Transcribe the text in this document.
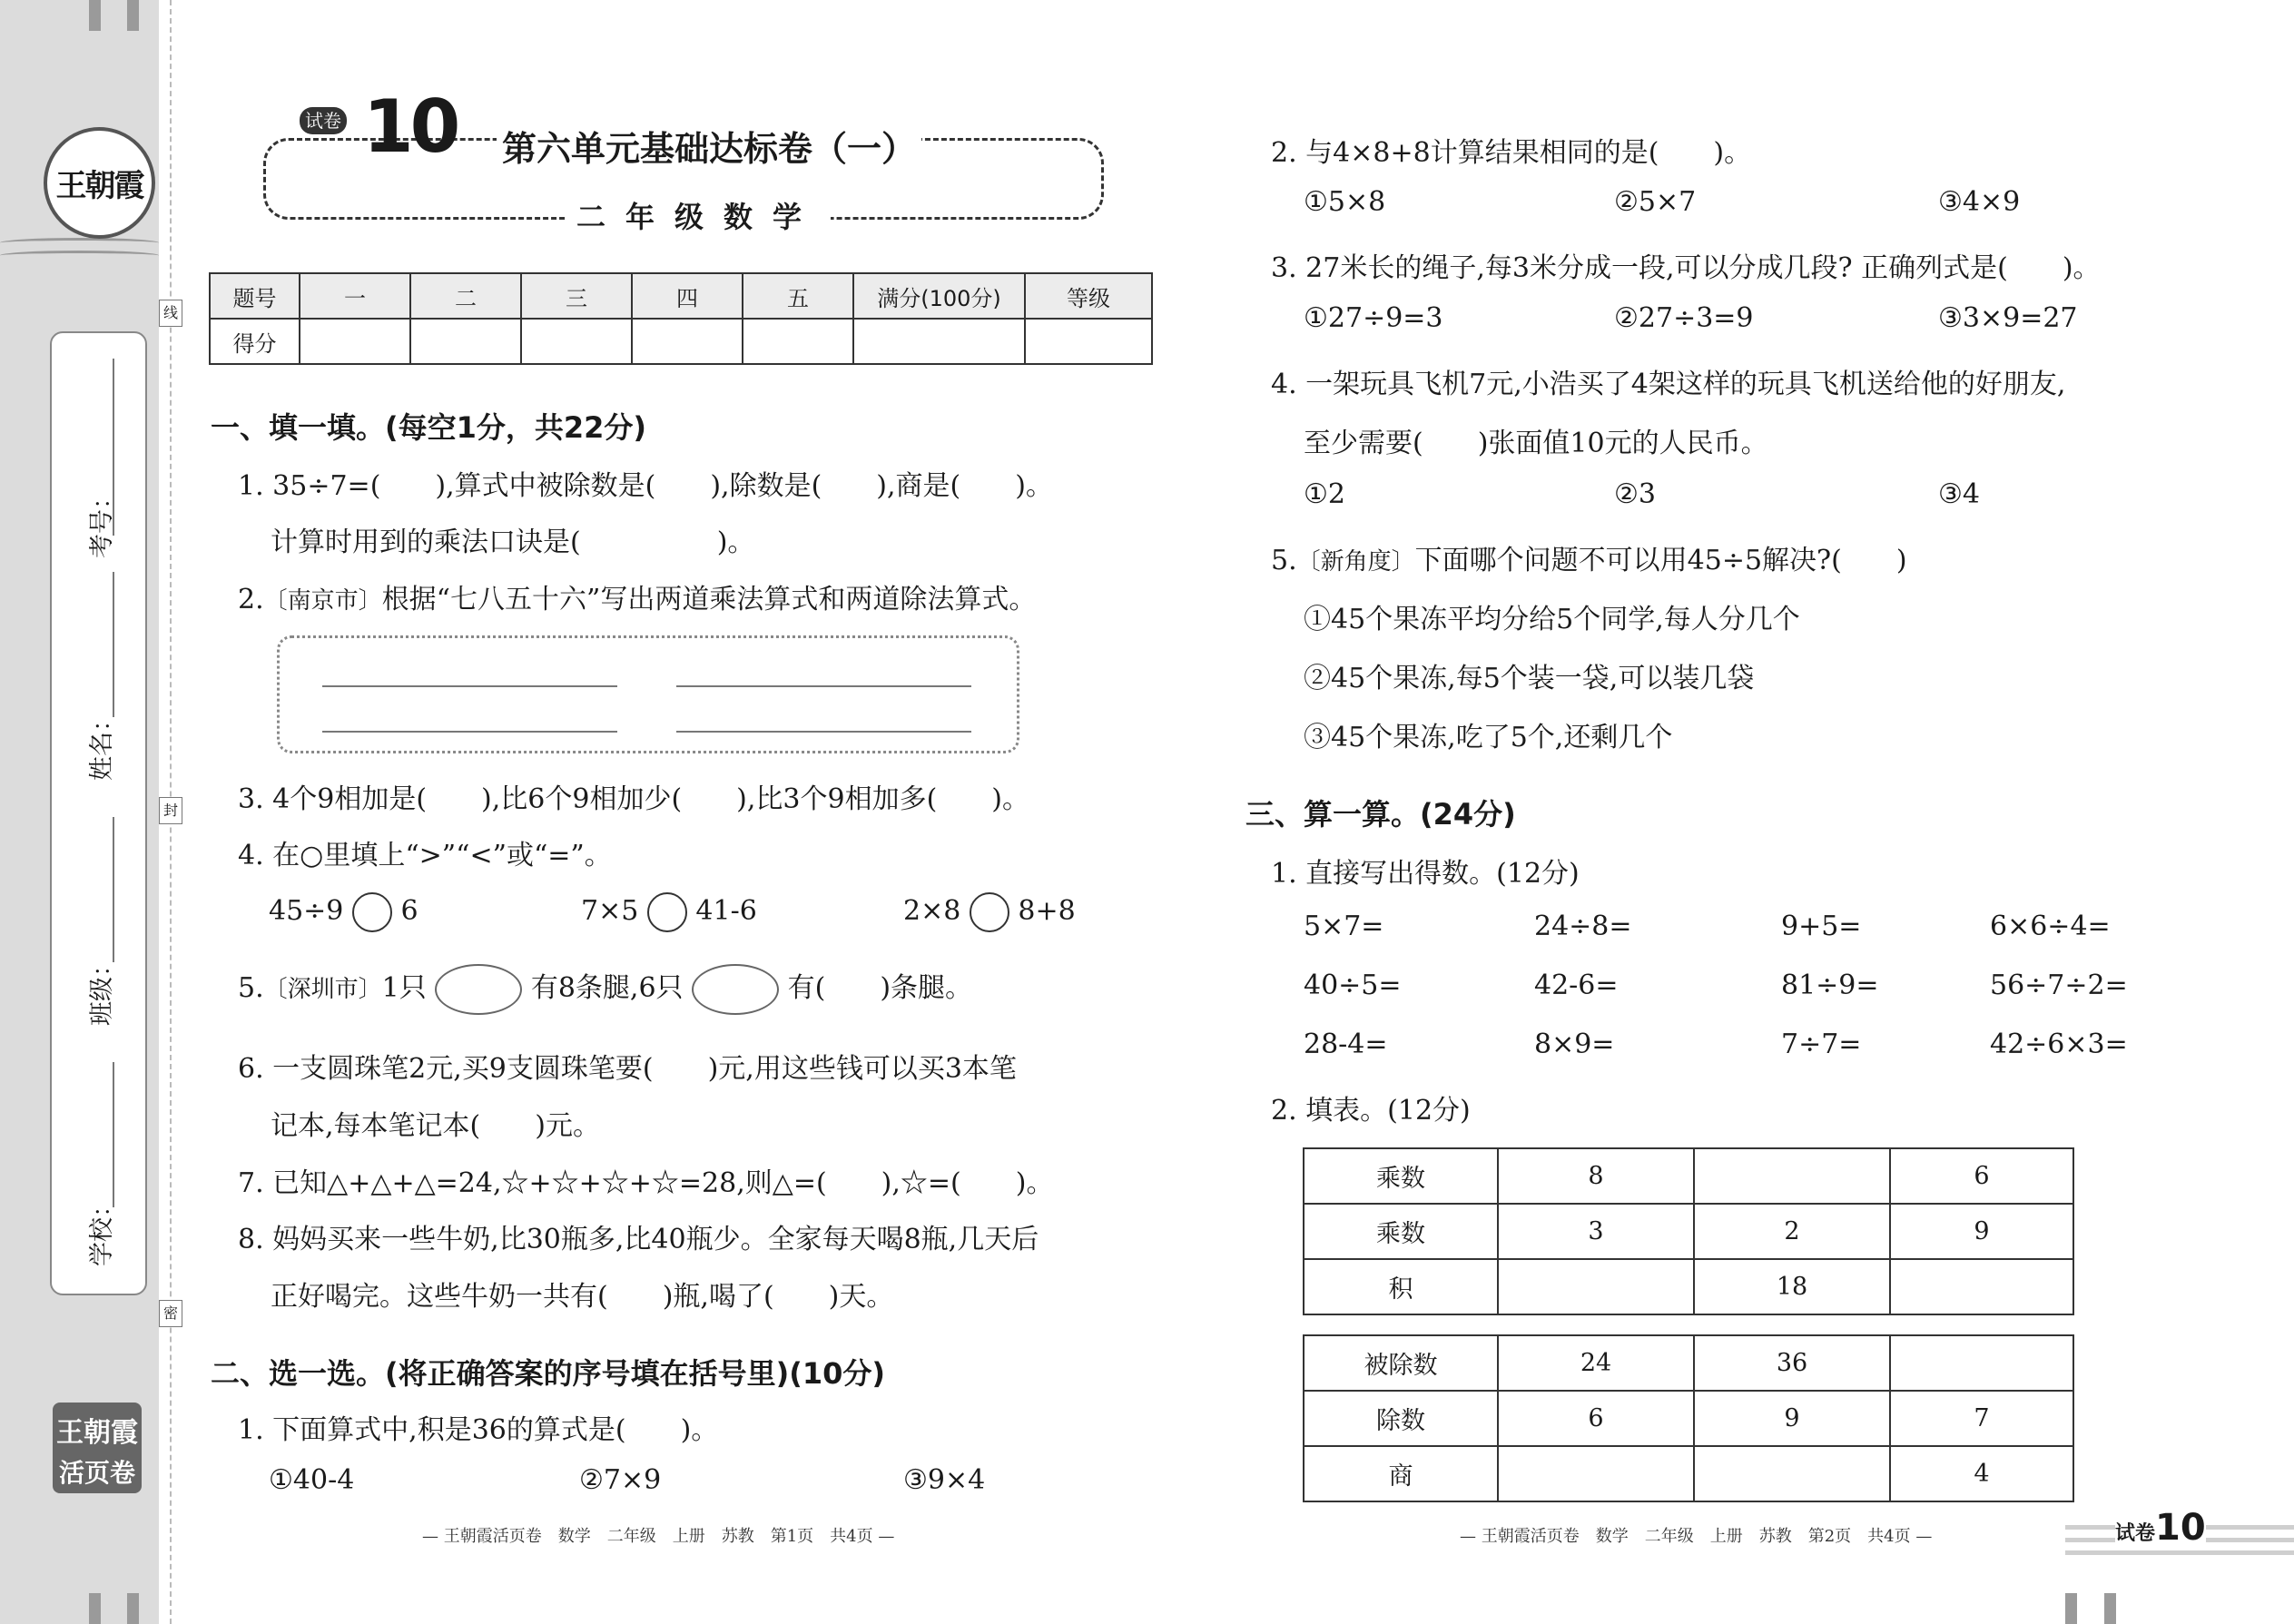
王朝霞
考号：
姓名：
班级：
学校：
王朝霞
活页卷
线
封
密
试卷 10 第六单元基础达标卷（一）
二年级数学
题号	一	二	三	四	五	满分(100分)	等级
得分							
一、填一填。(每空1分，共22分)
1. 35÷7=(　　),算式中被除数是(　　),除数是(　　),商是(　　)。
计算时用到的乘法口诀是(　　　　　)。
2.〔南京市〕根据“七八五十六”写出两道乘法算式和两道除法算式。
3. 4个9相加是(　　),比6个9相加少(　　),比3个9相加多(　　)。
4. 在○里填上“>”“<”或“=”。
45÷9 6	7×5 41-6	2×8 8+8
5.〔深圳市〕1只	有8条腿,6只	有(　　)条腿。
6. 一支圆珠笔2元,买9支圆珠笔要(　　)元,用这些钱可以买3本笔
记本,每本笔记本(　　)元。
7. 已知△+△+△=24,☆+☆+☆+☆=28,则△=(　　),☆=(　　)。
8. 妈妈买来一些牛奶,比30瓶多,比40瓶少。全家每天喝8瓶,几天后
正好喝完。这些牛奶一共有(　　)瓶,喝了(　　)天。
二、选一选。(将正确答案的序号填在括号里)(10分)
1. 下面算式中,积是36的算式是(　　)。
①40-4	②7×9	③9×4
— 王朝霞活页卷　数学　二年级　上册　苏教　第1页　共4页 —
2. 与4×8+8计算结果相同的是(　　)。
①5×8	②5×7	③4×9
3. 27米长的绳子,每3米分成一段,可以分成几段? 正确列式是(　　)。
①27÷9=3	②27÷3=9	③3×9=27
4. 一架玩具飞机7元,小浩买了4架这样的玩具飞机送给他的好朋友,
至少需要(　　)张面值10元的人民币。
①2	②3	③4
5.〔新角度〕下面哪个问题不可以用45÷5解决?(　　)
①45个果冻平均分给5个同学,每人分几个
②45个果冻,每5个装一袋,可以装几袋
③45个果冻,吃了5个,还剩几个
三、算一算。(24分)
1. 直接写出得数。(12分)
5×7=	24÷8=	9+5=	6×6÷4=
40÷5=	42-6=	81÷9=	56÷7÷2=
28-4=	8×9=	7÷7=	42÷6×3=
2. 填表。(12分)
乘数	8		6
乘数	3	2	9
积		18	
被除数	24	36	
除数	6	9	7
商			4
— 王朝霞活页卷　数学　二年级　上册　苏教　第2页　共4页 —	试卷10
